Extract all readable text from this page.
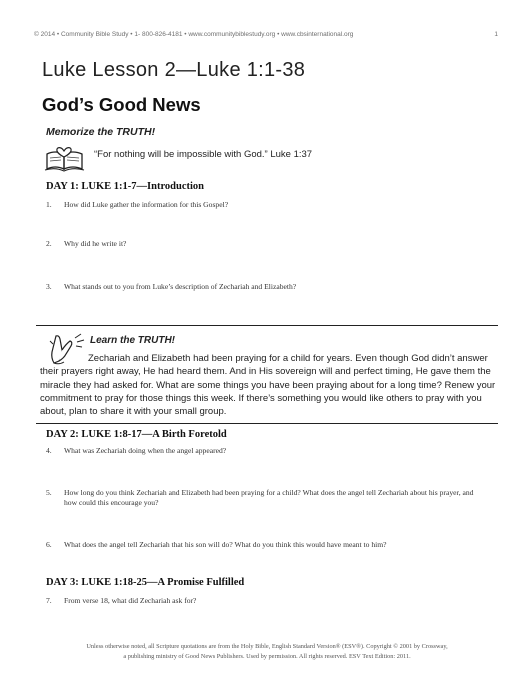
© 2014 • Community Bible Study • 1- 800-826-4181 • www.communitybiblestudy.org • www.cbsinternational.org	1
Luke Lesson 2—Luke 1:1-38
God’s Good News
Memorize the TRUTH!
“For nothing will be impossible with God.” Luke 1:37
DAY 1: LUKE 1:1-7—Introduction
1.	How did Luke gather the information for this Gospel?
2.	Why did he write it?
3.	What stands out to you from Luke’s description of Zechariah and Elizabeth?
Learn the TRUTH!
Zechariah and Elizabeth had been praying for a child for years. Even though God didn’t answer their prayers right away, He had heard them. And in His sovereign will and perfect timing, He gave them the miracle they had asked for. What are some things you have been praying about for a long time? Renew your commitment to pray for those things this week. If there’s something you would like others to pray with you about, plan to share it with your small group.
DAY 2: LUKE 1:8-17—A Birth Foretold
4.	What was Zechariah doing when the angel appeared?
5.	How long do you think Zechariah and Elizabeth had been praying for a child? What does the angel tell Zechariah about his prayer, and how could this encourage you?
6.	What does the angel tell Zechariah that his son will do? What do you think this would have meant to him?
DAY 3: LUKE 1:18-25—A Promise Fulfilled
7.	From verse 18, what did Zechariah ask for?
Unless otherwise noted, all Scripture quotations are from the Holy Bible, English Standard Version® (ESV®). Copyright © 2001 by Crossway,
a publishing ministry of Good News Publishers. Used by permission. All rights reserved. ESV Text Edition: 2011.
